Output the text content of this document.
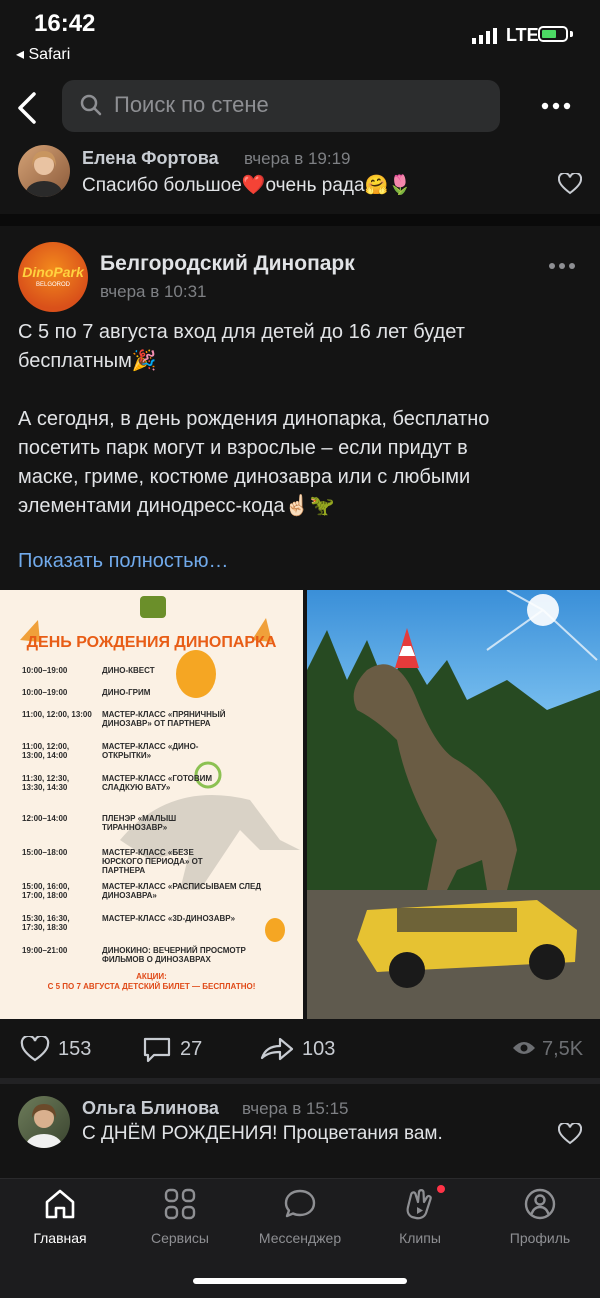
16:42
◂ Safari
LTE
Поиск по стене
Елена Фортова вчера в 19:19
Спасибо большое❤️очень рада🤗🌷
DinoPark
BELGOROD
Белгородский Динопарк
вчера в 10:31
С 5 по 7 августа вход для детей до 16 лет будет
бесплатным🎉
А сегодня, в день рождения динопарка, бесплатно
посетить парк могут и взрослые – если придут в
маске, гриме, костюме динозавра или с любыми
элементами динодресс-кода☝🏻🦖
Показать полностью…
ДЕНЬ РОЖДЕНИЯ ДИНОПАРКА
10:00–19:00	ДИНО-КВЕСТ
10:00–19:00	ДИНО-ГРИМ
11:00, 12:00, 13:00 МАСТЕР-КЛАСС «ПРЯНИЧНЫЙ ДИНОЗАВР» ОТ ПАРТНЕРА
11:00, 12:00, 13:00, 14:00
МАСТЕР-КЛАСС «ДИНО-ОТКРЫТКИ»
11:30, 12:30, 13:30, 14:30
МАСТЕР-КЛАСС «ГОТОВИМ СЛАДКУЮ ВАТУ»
12:00–14:00	ПЛЕНЭР «МАЛЫШ ТИРАННОЗАВР»
15:00–18:00	МАСТЕР-КЛАСС «БЕЗЕ ЮРСКОГО ПЕРИОДА» ОТ ПАРТНЕРА
15:00, 16:00, 17:00, 18:00
МАСТЕР-КЛАСС «РАСПИСЫВАЕМ СЛЕД ДИНОЗАВРА»
15:30, 16:30, 17:30, 18:30
МАСТЕР-КЛАСС «3D-ДИНОЗАВР»
19:00–21:00	ДИНОКИНО: ВЕЧЕРНИЙ ПРОСМОТР ФИЛЬМОВ О ДИНОЗАВРАХ
АКЦИИ:
С 5 ПО 7 АВГУСТА ДЕТСКИЙ БИЛЕТ — БЕСПЛАТНО!
153	27	103	7,5K
Ольга Блинова вчера в 15:15
С ДНЁМ РОЖДЕНИЯ! Процветания вам.
Главная	Сервисы	Мессенджер	Клипы	Профиль
